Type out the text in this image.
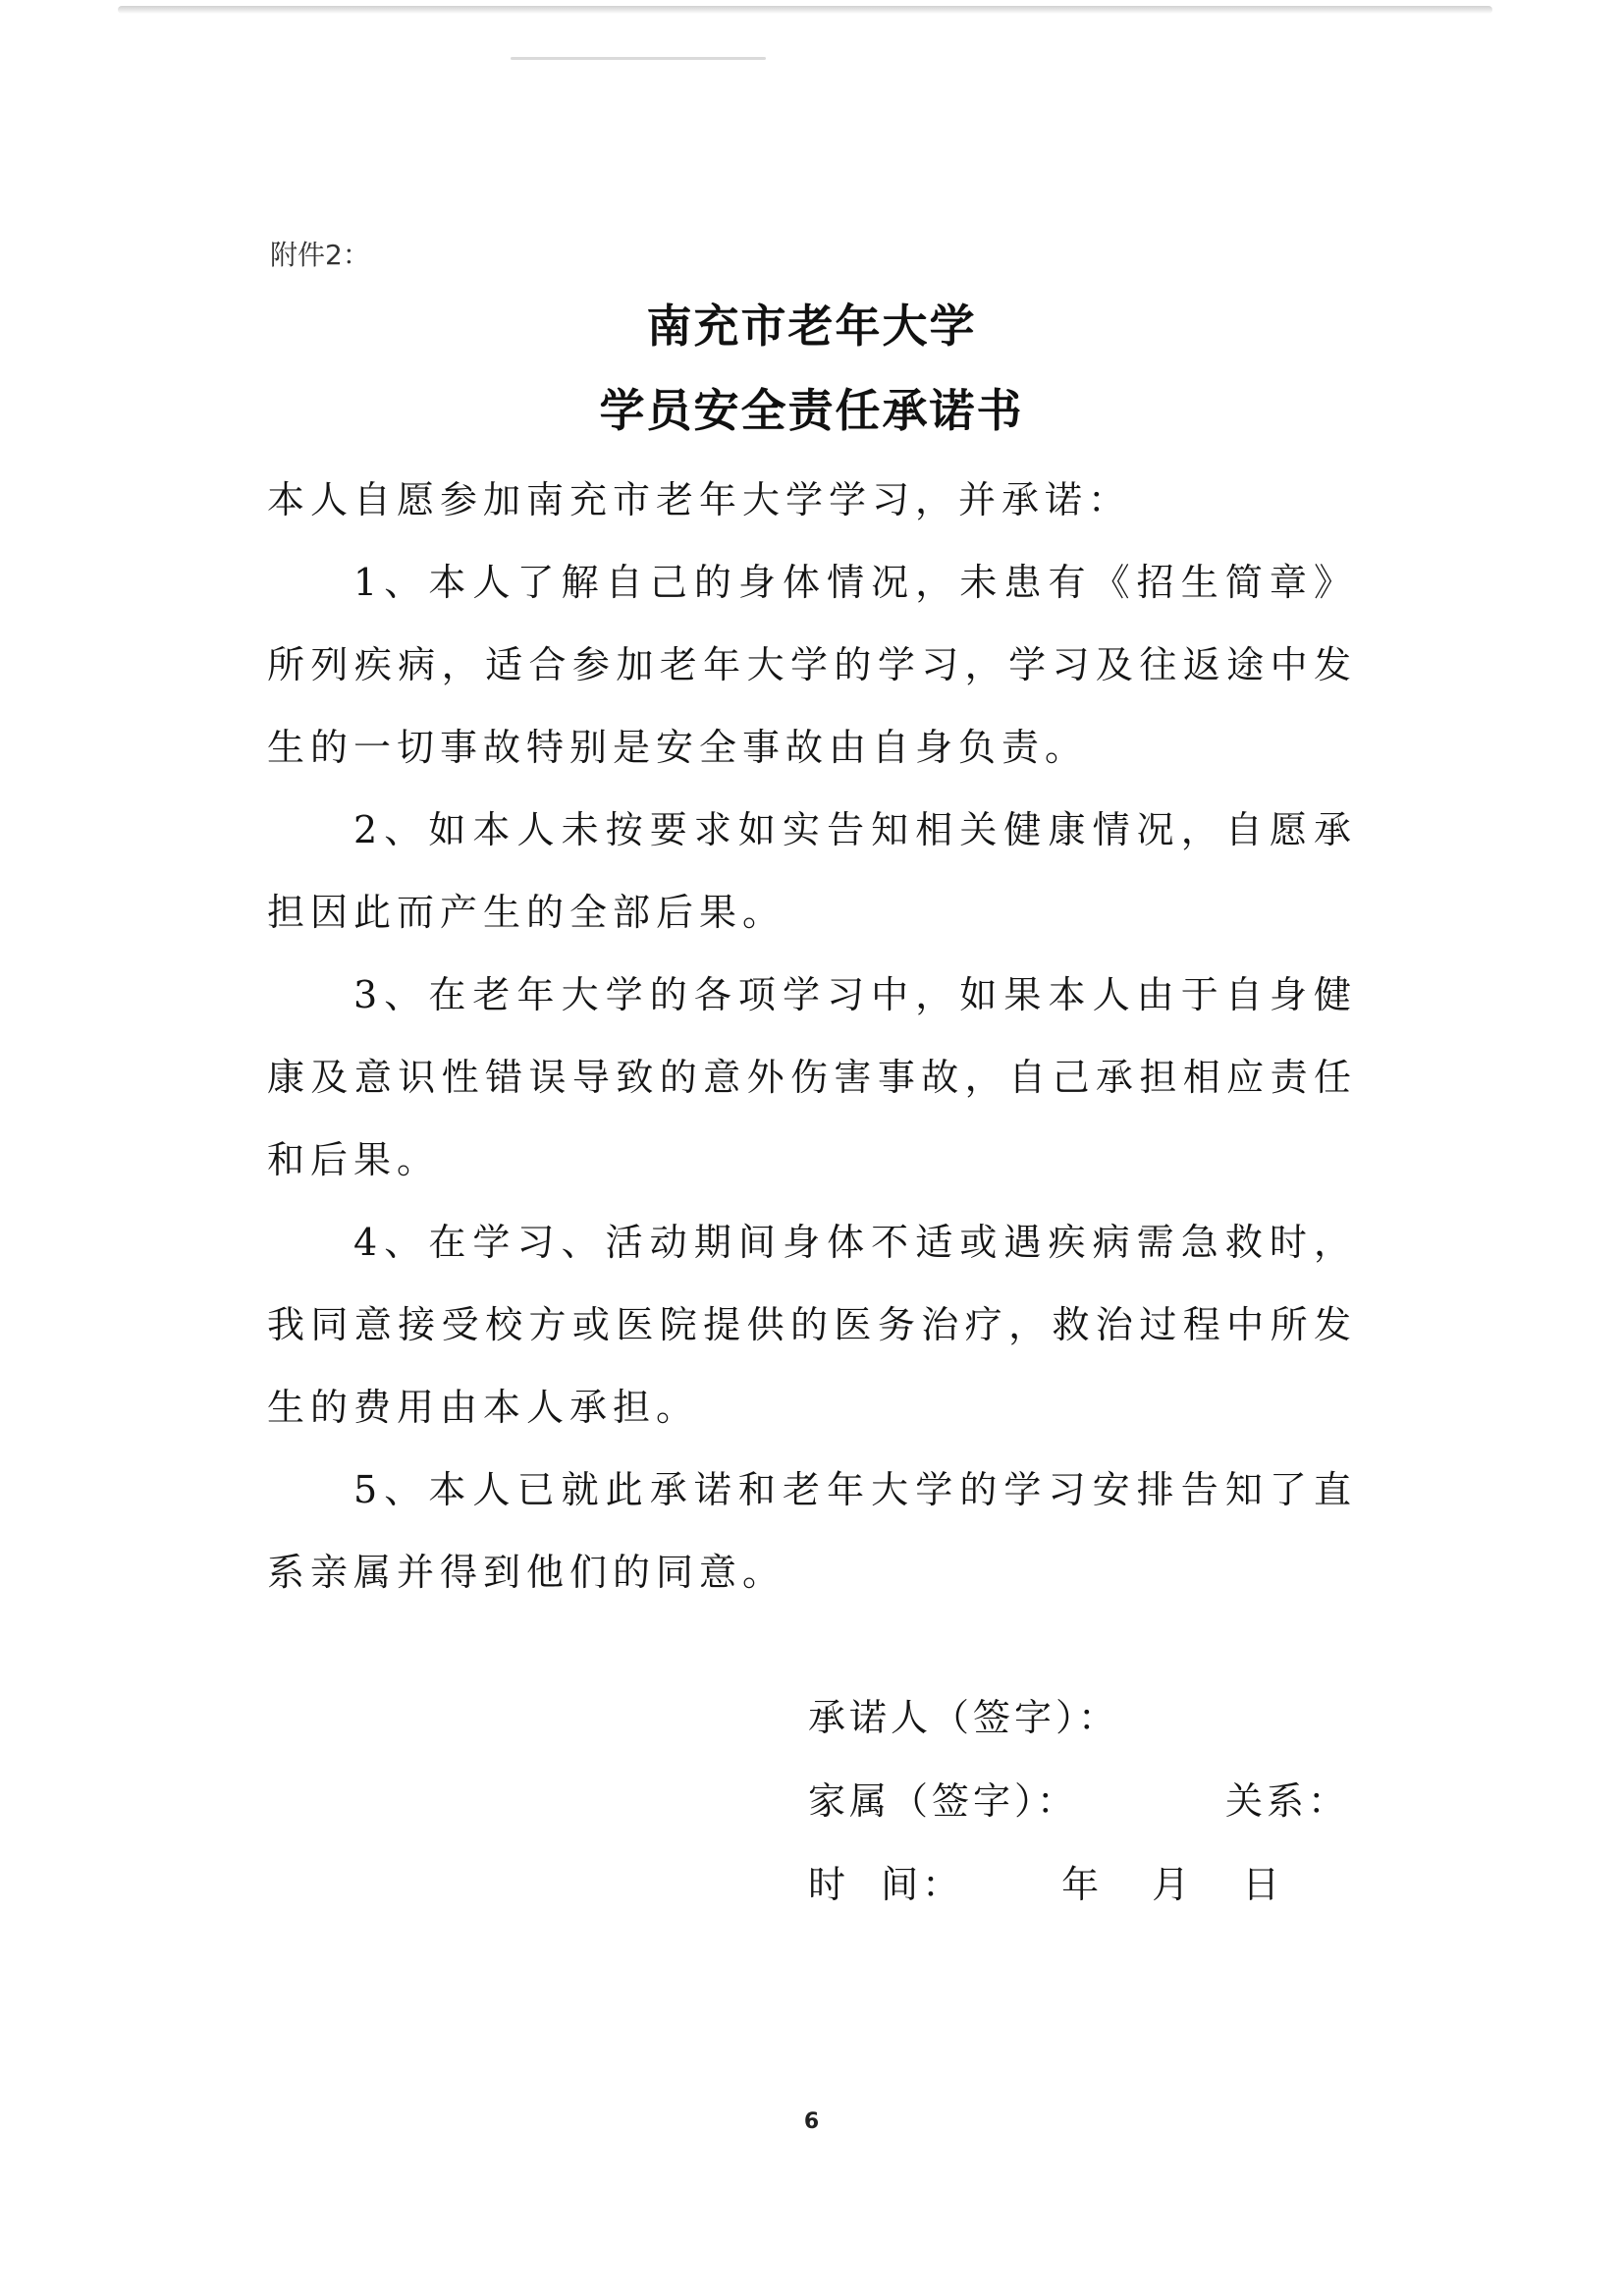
附件2：
南充市老年大学
学员安全责任承诺书

本人自愿参加南充市老年大学学习，并承诺：

1、本人了解自己的身体情况，未患有《招生简章》所列疾病，适合参加老年大学的学习，学习及往返途中发生的一切事故特别是安全事故由自身负责。

2、如本人未按要求如实告知相关健康情况，自愿承担因此而产生的全部后果。

3、在老年大学的各项学习中，如果本人由于自身健康及意识性错误导致的意外伤害事故，自己承担相应责任和后果。

4、在学习、活动期间身体不适或遇疾病需急救时，我同意接受校方或医院提供的医务治疗，救治过程中所发生的费用由本人承担。

5、本人已就此承诺和老年大学的学习安排告知了直系亲属并得到他们的同意。

承诺人（签字）：
家属（签字）：	关系：
时  间：	年 月 日
6
